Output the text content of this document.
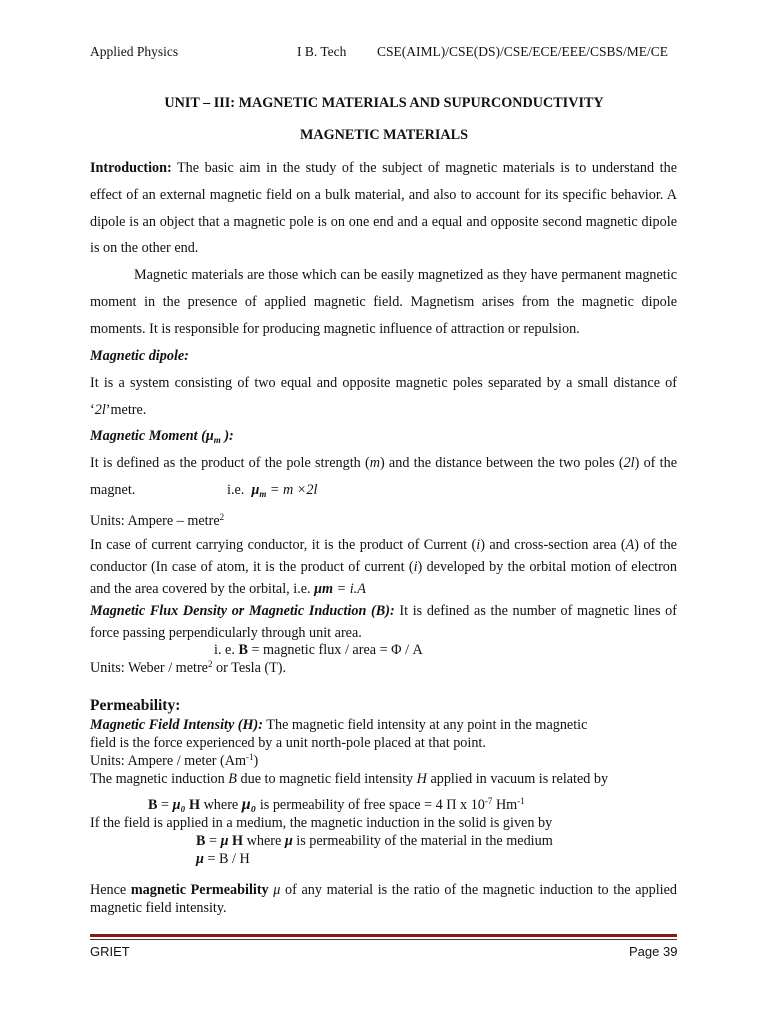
Applied Physics	I B. Tech CSE(AIML)/CSE(DS)/CSE/ECE/EEE/CSBS/ME/CE
UNIT – III: MAGNETIC MATERIALS AND SUPURCONDUCTIVITY
MAGNETIC MATERIALS
Introduction: The basic aim in the study of the subject of magnetic materials is to understand the effect of an external magnetic field on a bulk material, and also to account for its specific behavior. A dipole is an object that a magnetic pole is on one end and a equal and opposite second magnetic dipole is on the other end.
Magnetic materials are those which can be easily magnetized as they have permanent magnetic moment in the presence of applied magnetic field. Magnetism arises from the magnetic dipole moments. It is responsible for producing magnetic influence of attraction or repulsion.
Magnetic dipole:
It is a system consisting of two equal and opposite magnetic poles separated by a small distance of ‘2l’metre.
Magnetic Moment ($\mu_m$ ):
It is defined as the product of the pole strength (m) and the distance between the two poles (2l) of the magnet.	i.e. $\mu_m = m \times 2l$
Units: Ampere – metre$^2$
In case of current carrying conductor, it is the product of Current (i) and cross-section area (A) of the conductor (In case of atom, it is the product of current (i) developed by the orbital motion of electron and the area covered by the orbital, i.e. μm = i.A
Magnetic Flux Density or Magnetic Induction (B): It is defined as the number of magnetic lines of force passing perpendicularly through unit area.
i. e. B = magnetic flux / area = Φ / A
Units: Weber / metre$^2$ or Tesla (T).
Permeability:
Magnetic Field Intensity (H): The magnetic field intensity at any point in the magnetic
field is the force experienced by a unit north-pole placed at that point.
Units: Ampere / meter $(Am^{-1})$
The magnetic induction B due to magnetic field intensity H applied in vacuum is related by
B = μ₀ H where μ₀ is permeability of free space = 4 Π x $10^{-7}$ $Hm^{-1}$
If the field is applied in a medium, the magnetic induction in the solid is given by
B = μ H where μ is permeability of the material in the medium
μ = B / H
Hence magnetic Permeability μ of any material is the ratio of the magnetic induction to the applied magnetic field intensity.
GRIET	Page 39
